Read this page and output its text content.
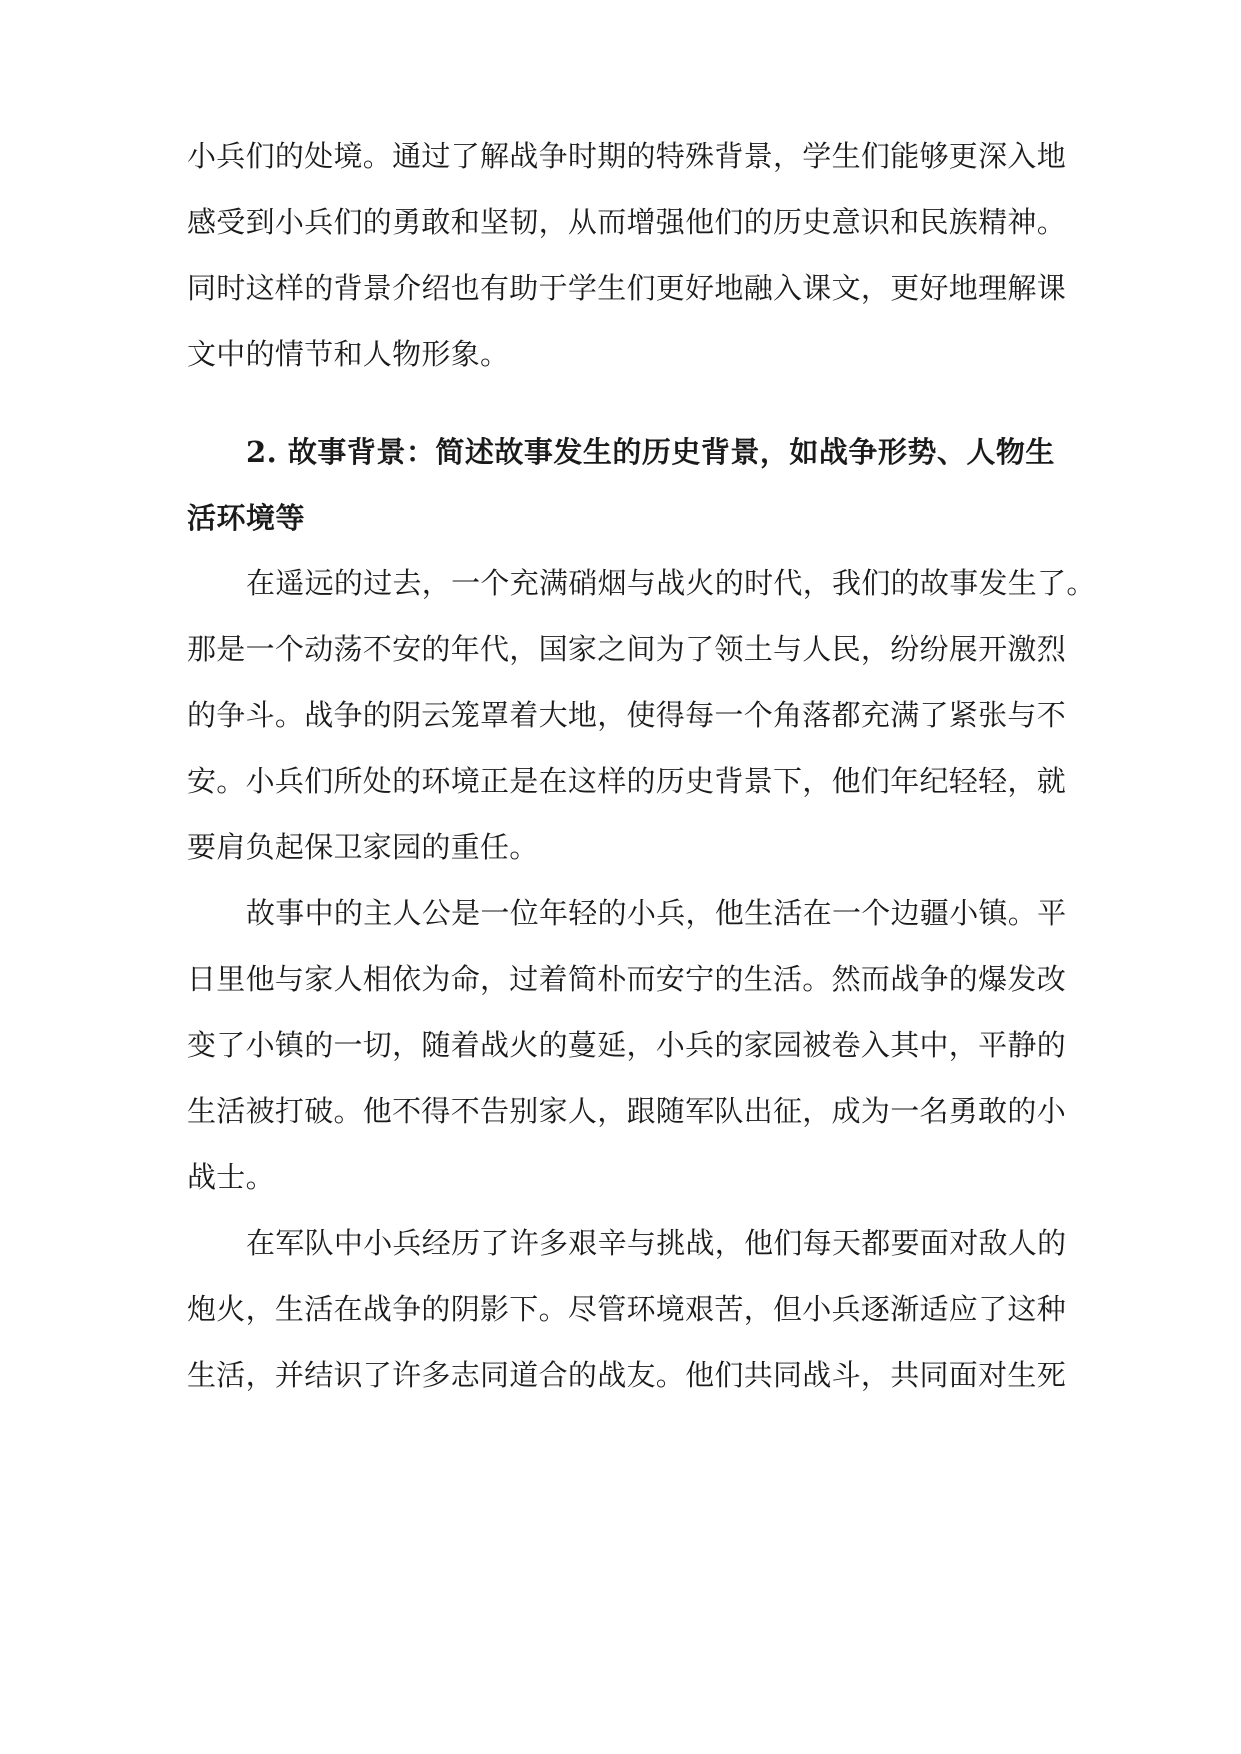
小兵们的处境。通过了解战争时期的特殊背景，学生们能够更深入地
感受到小兵们的勇敢和坚韧，从而增强他们的历史意识和民族精神。
同时这样的背景介绍也有助于学生们更好地融入课文，更好地理解课
文中的情节和人物形象。
2. 故事背景：简述故事发生的历史背景，如战争形势、人物生
活环境等
在遥远的过去，一个充满硝烟与战火的时代，我们的故事发生了。
那是一个动荡不安的年代，国家之间为了领土与人民，纷纷展开激烈
的争斗。战争的阴云笼罩着大地，使得每一个角落都充满了紧张与不
安。小兵们所处的环境正是在这样的历史背景下，他们年纪轻轻，就
要肩负起保卫家园的重任。
故事中的主人公是一位年轻的小兵，他生活在一个边疆小镇。平
日里他与家人相依为命，过着简朴而安宁的生活。然而战争的爆发改
变了小镇的一切，随着战火的蔓延，小兵的家园被卷入其中，平静的
生活被打破。他不得不告别家人，跟随军队出征，成为一名勇敢的小
战士。
在军队中小兵经历了许多艰辛与挑战，他们每天都要面对敌人的
炮火，生活在战争的阴影下。尽管环境艰苦，但小兵逐渐适应了这种
生活，并结识了许多志同道合的战友。他们共同战斗，共同面对生死
